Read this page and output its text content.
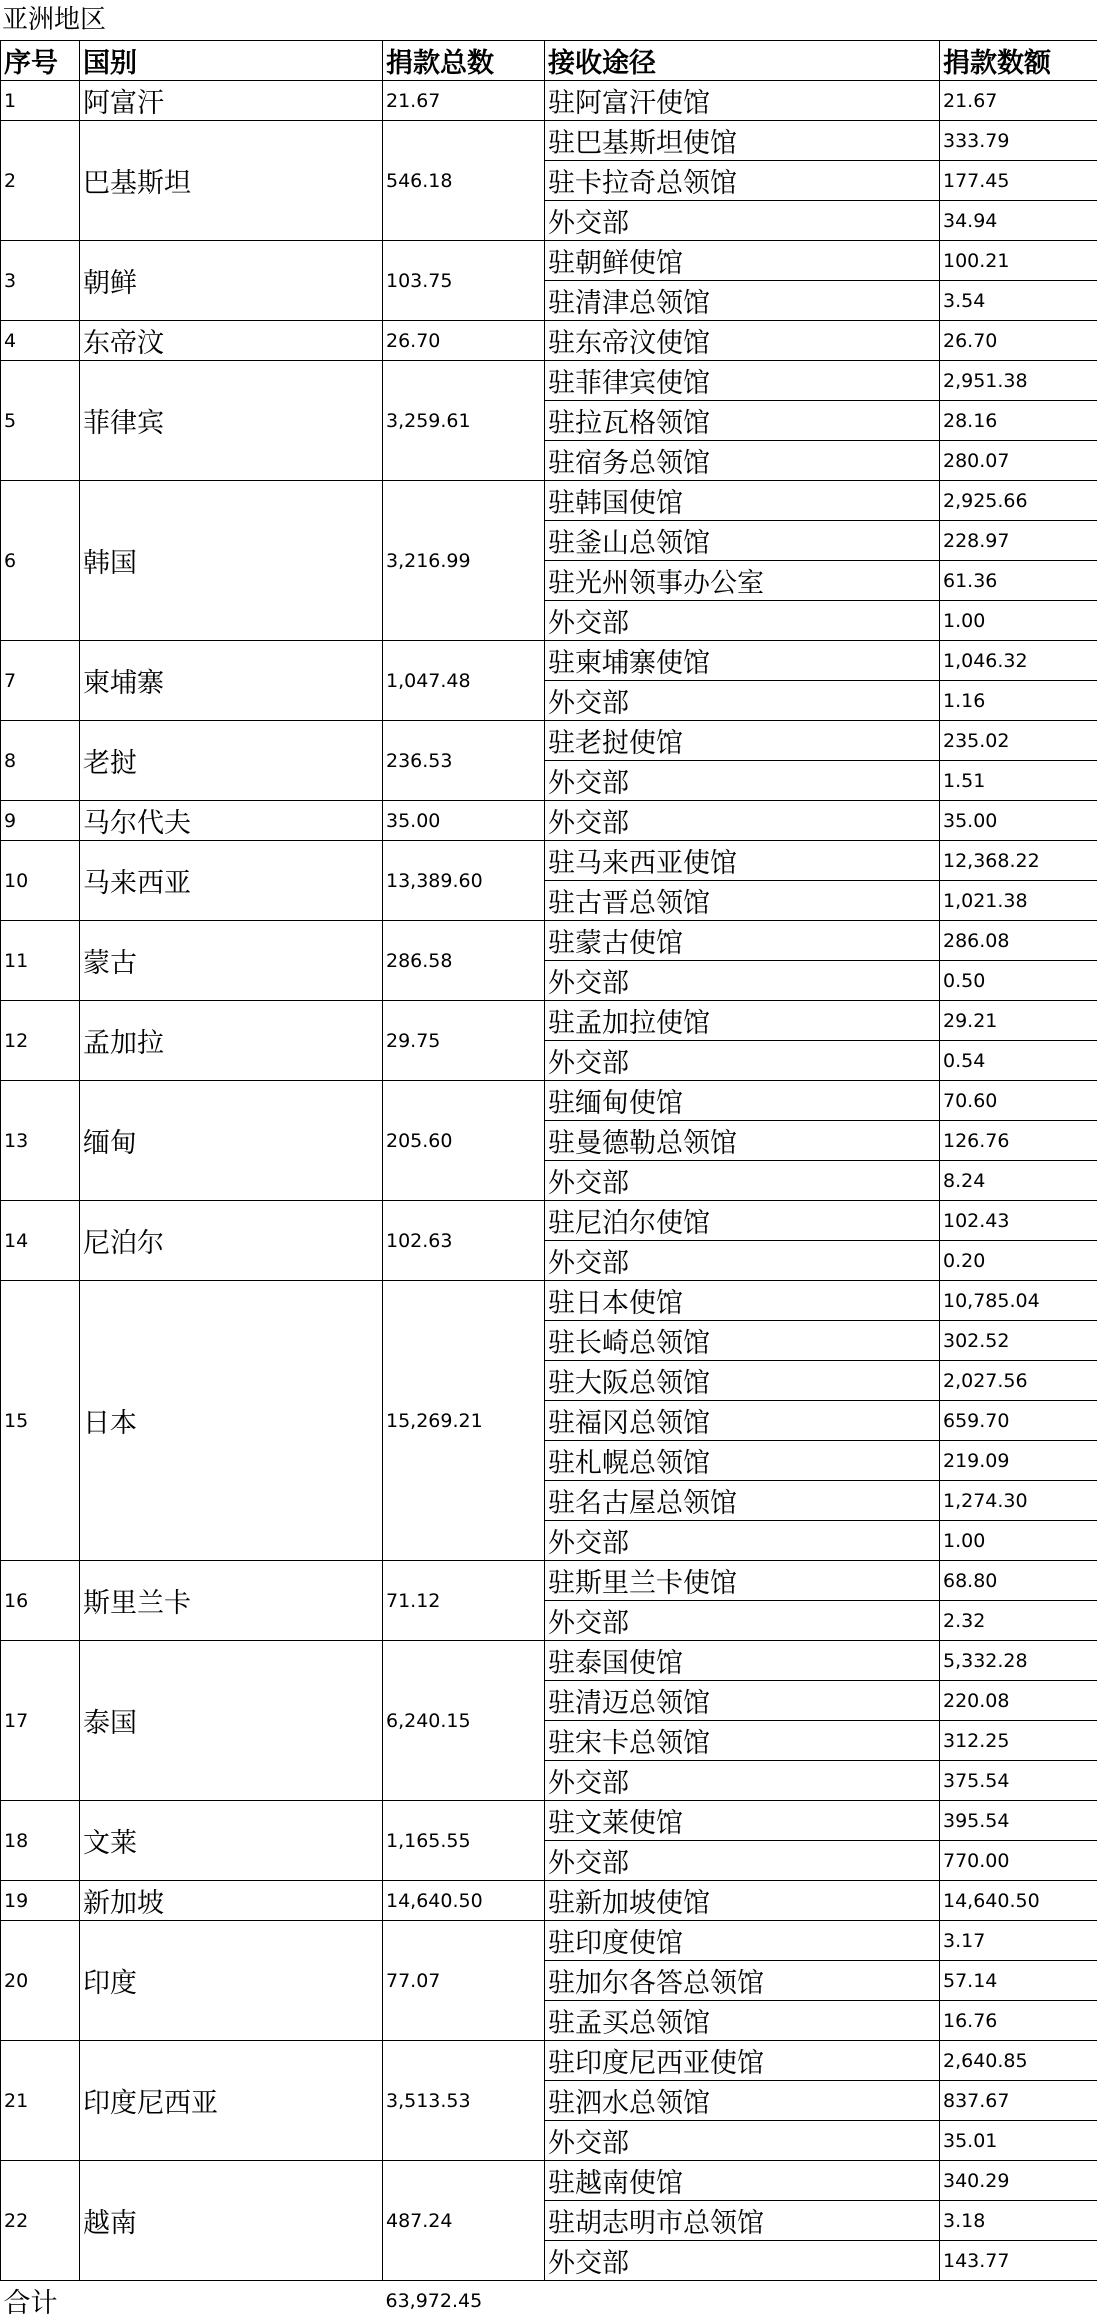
亚洲地区
序号	国别	捐款总数	接收途径	捐款数额
1	阿富汗	21.67	驻阿富汗使馆	21.67
2	巴基斯坦	546.18	驻巴基斯坦使馆	333.79
			驻卡拉奇总领馆	177.45
			外交部	34.94
3	朝鲜	103.75	驻朝鲜使馆	100.21
			驻清津总领馆	3.54
4	东帝汶	26.70	驻东帝汶使馆	26.70
5	菲律宾	3,259.61	驻菲律宾使馆	2,951.38
			驻拉瓦格领馆	28.16
			驻宿务总领馆	280.07
6	韩国	3,216.99	驻韩国使馆	2,925.66
			驻釜山总领馆	228.97
			驻光州领事办公室	61.36
			外交部	1.00
7	柬埔寨	1,047.48	驻柬埔寨使馆	1,046.32
			外交部	1.16
8	老挝	236.53	驻老挝使馆	235.02
			外交部	1.51
9	马尔代夫	35.00	外交部	35.00
10	马来西亚	13,389.60	驻马来西亚使馆	12,368.22
			驻古晋总领馆	1,021.38
11	蒙古	286.58	驻蒙古使馆	286.08
			外交部	0.50
12	孟加拉	29.75	驻孟加拉使馆	29.21
			外交部	0.54
13	缅甸	205.60	驻缅甸使馆	70.60
			驻曼德勒总领馆	126.76
			外交部	8.24
14	尼泊尔	102.63	驻尼泊尔使馆	102.43
			外交部	0.20
15	日本	15,269.21	驻日本使馆	10,785.04
			驻长崎总领馆	302.52
			驻大阪总领馆	2,027.56
			驻福冈总领馆	659.70
			驻札幌总领馆	219.09
			驻名古屋总领馆	1,274.30
			外交部	1.00
16	斯里兰卡	71.12	驻斯里兰卡使馆	68.80
			外交部	2.32
17	泰国	6,240.15	驻泰国使馆	5,332.28
			驻清迈总领馆	220.08
			驻宋卡总领馆	312.25
			外交部	375.54
18	文莱	1,165.55	驻文莱使馆	395.54
			外交部	770.00
19	新加坡	14,640.50	驻新加坡使馆	14,640.50
20	印度	77.07	驻印度使馆	3.17
			驻加尔各答总领馆	57.14
			驻孟买总领馆	16.76
21	印度尼西亚	3,513.53	驻印度尼西亚使馆	2,640.85
			驻泗水总领馆	837.67
			外交部	35.01
22	越南	487.24	驻越南使馆	340.29
			驻胡志明市总领馆	3.18
			外交部	143.77
合计		63,972.45		
